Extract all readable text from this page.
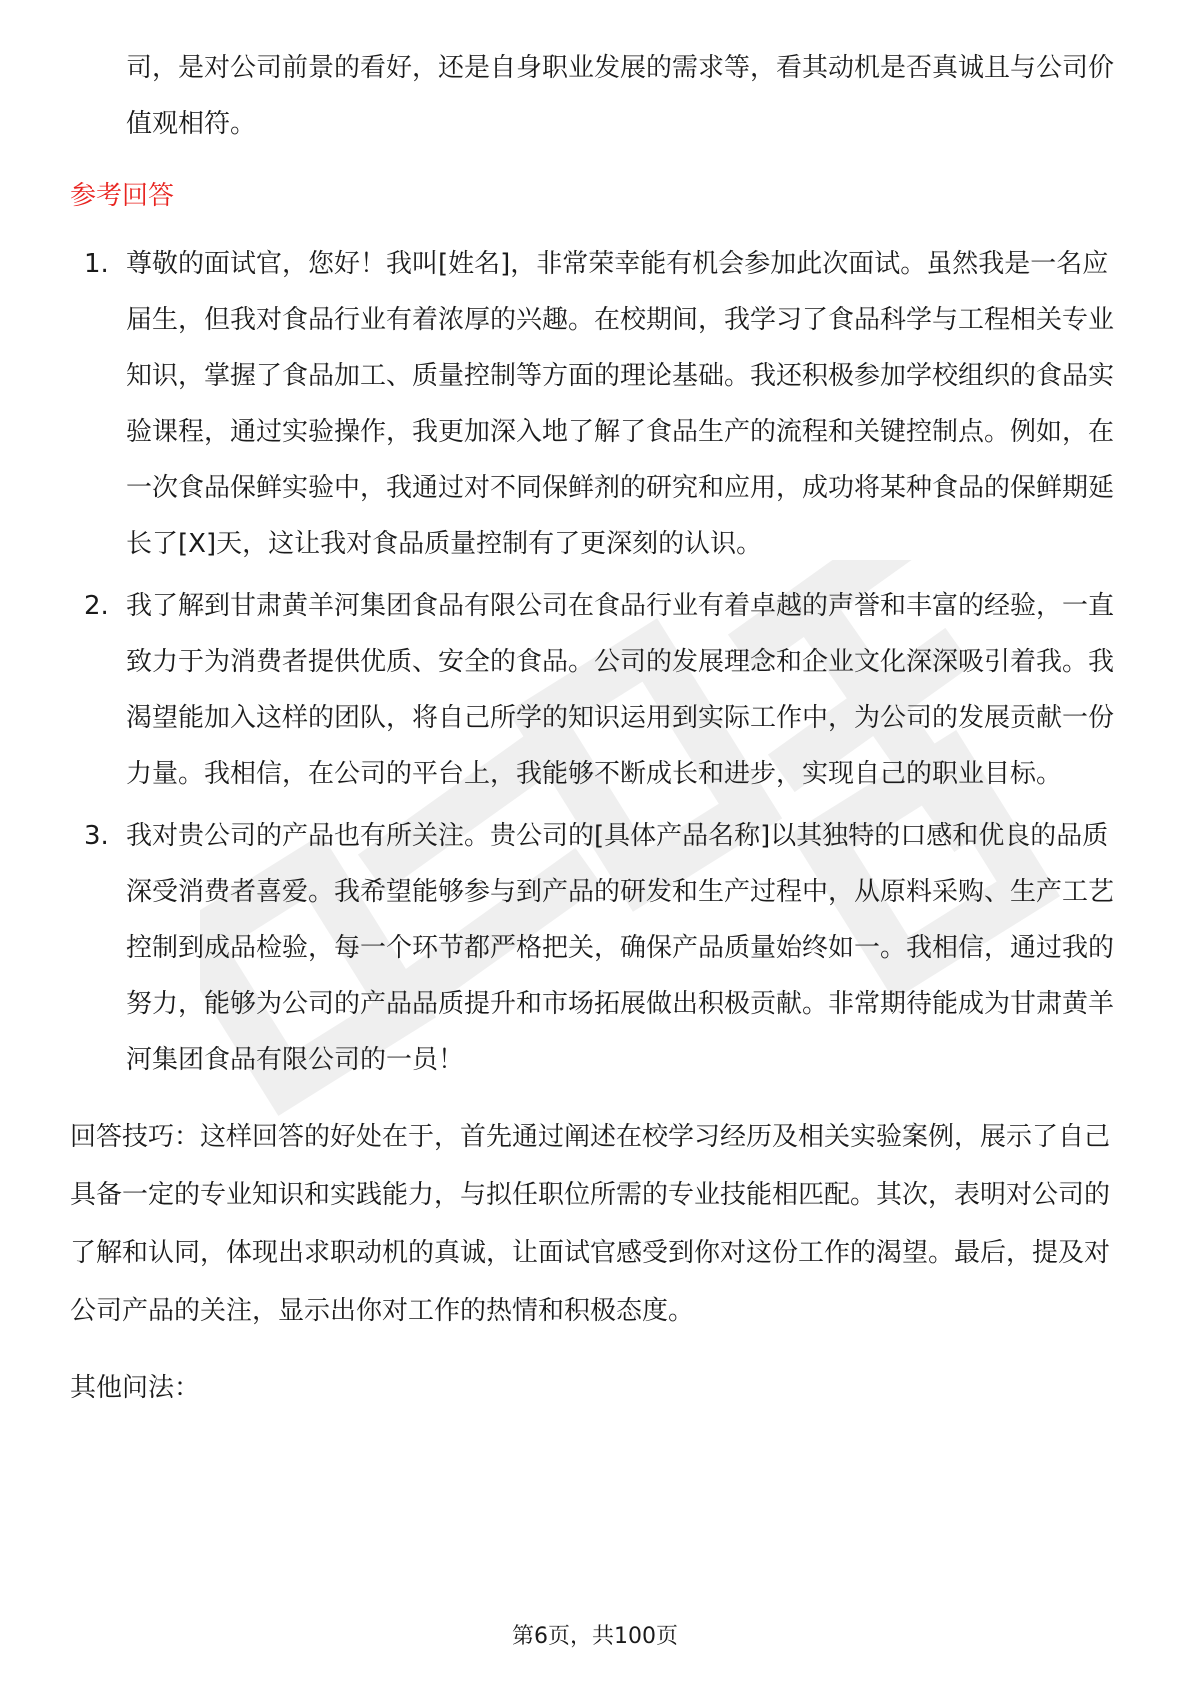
司，是对公司前景的看好，还是自身职业发展的需求等，看其动机是否真诚且与公司价值观相符。

参考回答
1. 尊敬的面试官，您好！我叫[姓名]，非常荣幸能有机会参加此次面试。虽然我是一名应届生，但我对食品行业有着浓厚的兴趣。在校期间，我学习了食品科学与工程相关专业知识，掌握了食品加工、质量控制等方面的理论基础。我还积极参加学校组织的食品实验课程，通过实验操作，我更加深入地了解了食品生产的流程和关键控制点。例如，在一次食品保鲜实验中，我通过对不同保鲜剂的研究和应用，成功将某种食品的保鲜期延长了[X]天，这让我对食品质量控制有了更深刻的认识。
2. 我了解到甘肃黄羊河集团食品有限公司在食品行业有着卓越的声誉和丰富的经验，一直致力于为消费者提供优质、安全的食品。公司的发展理念和企业文化深深吸引着我。我渴望能加入这样的团队，将自己所学的知识运用到实际工作中，为公司的发展贡献一份力量。我相信，在公司的平台上，我能够不断成长和进步，实现自己的职业目标。
3. 我对贵公司的产品也有所关注。贵公司的[具体产品名称]以其独特的口感和优良的品质深受消费者喜爱。我希望能够参与到产品的研发和生产过程中，从原料采购、生产工艺控制到成品检验，每一个环节都严格把关，确保产品质量始终如一。我相信，通过我的努力，能够为公司的产品品质提升和市场拓展做出积极贡献。非常期待能成为甘肃黄羊河集团食品有限公司的一员！

回答技巧：这样回答的好处在于，首先通过阐述在校学习经历及相关实验案例，展示了自己具备一定的专业知识和实践能力，与拟任职位所需的专业技能相匹配。其次，表明对公司的了解和认同，体现出求职动机的真诚，让面试官感受到你对这份工作的渴望。最后，提及对公司产品的关注，显示出你对工作的热情和积极态度。

其他问法：

第6页，共100页
